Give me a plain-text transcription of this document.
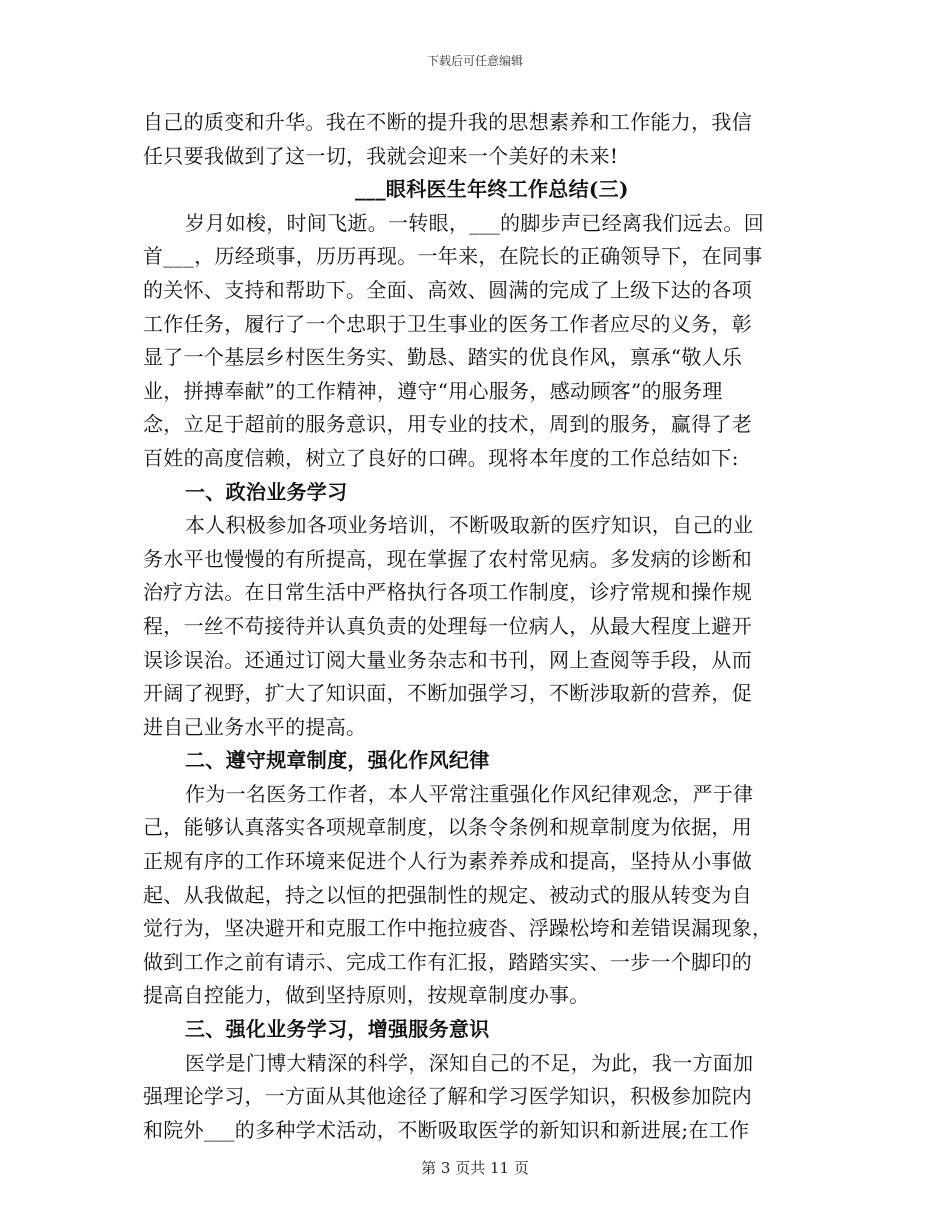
下载后可任意编辑
自己的质变和升华。我在不断的提升我的思想素养和工作能力，我信
任只要我做到了这一切，我就会迎来一个美好的未来!
___眼科医生年终工作总结(三)
岁月如梭，时间飞逝。一转眼，___的脚步声已经离我们远去。回
首___，历经琐事，历历再现。一年来，在院长的正确领导下，在同事
的关怀、支持和帮助下。全面、高效、圆满的完成了上级下达的各项
工作任务，履行了一个忠职于卫生事业的医务工作者应尽的义务，彰
显了一个基层乡村医生务实、勤恳、踏实的优良作风，禀承“敬人乐
业，拼搏奉献”的工作精神，遵守“用心服务，感动顾客”的服务理
念，立足于超前的服务意识，用专业的技术，周到的服务，赢得了老
百姓的高度信赖，树立了良好的口碑。现将本年度的工作总结如下:
一、政治业务学习
本人积极参加各项业务培训，不断吸取新的医疗知识，自己的业
务水平也慢慢的有所提高，现在掌握了农村常见病。多发病的诊断和
治疗方法。在日常生活中严格执行各项工作制度，诊疗常规和操作规
程，一丝不苟接待并认真负责的处理每一位病人，从最大程度上避开
误诊误治。还通过订阅大量业务杂志和书刊，网上查阅等手段，从而
开阔了视野，扩大了知识面，不断加强学习，不断涉取新的营养，促
进自己业务水平的提高。
二、遵守规章制度，强化作风纪律
作为一名医务工作者，本人平常注重强化作风纪律观念，严于律
己，能够认真落实各项规章制度，以条令条例和规章制度为依据，用
正规有序的工作环境来促进个人行为素养养成和提高，坚持从小事做
起、从我做起，持之以恒的把强制性的规定、被动式的服从转变为自
觉行为，坚决避开和克服工作中拖拉疲沓、浮躁松垮和差错误漏现象，
做到工作之前有请示、完成工作有汇报，踏踏实实、一步一个脚印的
提高自控能力，做到坚持原则，按规章制度办事。
三、强化业务学习，增强服务意识
医学是门博大精深的科学，深知自己的不足，为此，我一方面加
强理论学习，一方面从其他途径了解和学习医学知识，积极参加院内
和院外___的多种学术活动，不断吸取医学的新知识和新进展;在工作
第 3 页共 11 页
